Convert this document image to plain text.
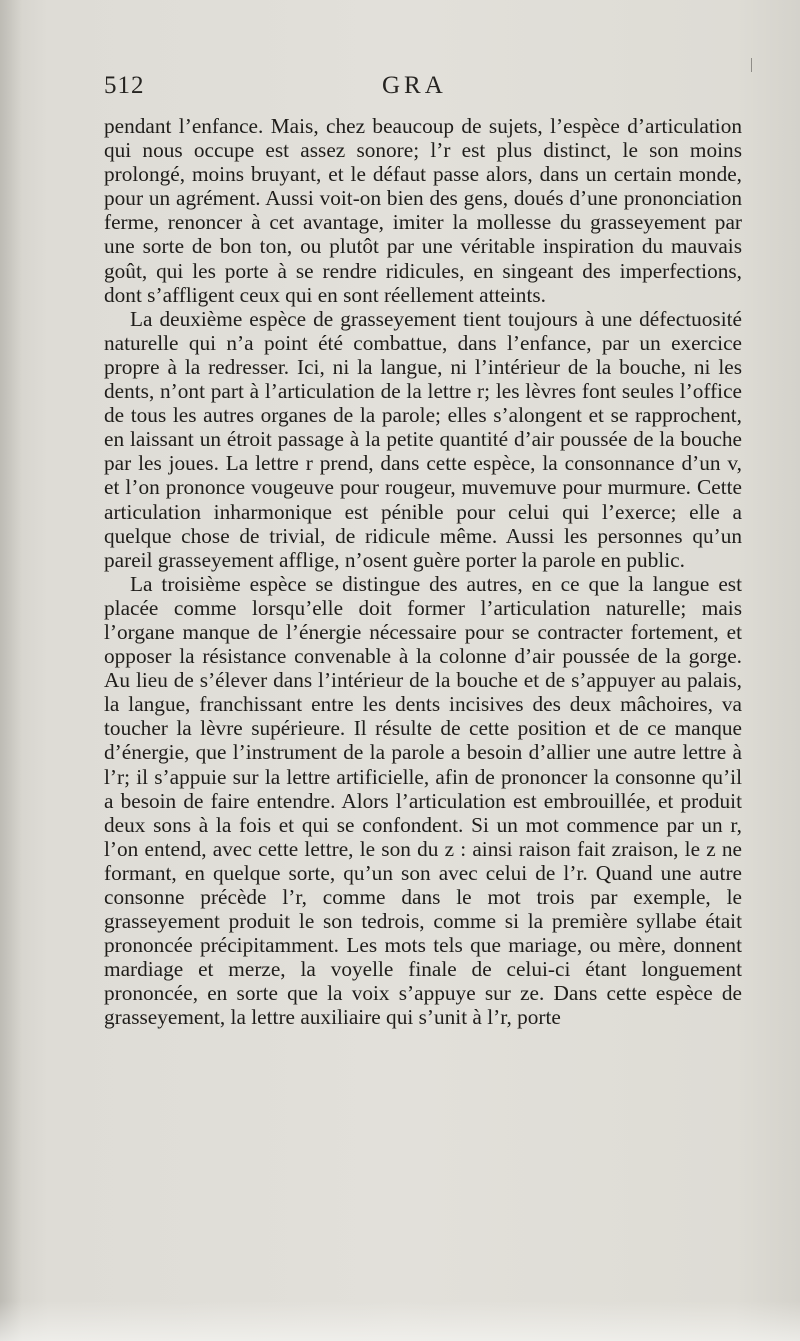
512	GRA

pendant l’enfance. Mais, chez beaucoup de sujets, l’espèce d’articulation qui nous occupe est assez sonore; l’r est plus distinct, le son moins prolongé, moins bruyant, et le défaut passe alors, dans un certain monde, pour un agrément. Aussi voit-on bien des gens, doués d’une prononciation ferme, renoncer à cet avantage, imiter la mollesse du grasseyement par une sorte de bon ton, ou plutôt par une véritable inspiration du mauvais goût, qui les porte à se rendre ridicules, en singeant des imperfections, dont s’affligent ceux qui en sont réellement atteints.

La deuxième espèce de grasseyement tient toujours à une défectuosité naturelle qui n’a point été combattue, dans l’enfance, par un exercice propre à la redresser. Ici, ni la langue, ni l’intérieur de la bouche, ni les dents, n’ont part à l’articulation de la lettre r; les lèvres font seules l’office de tous les autres organes de la parole; elles s’alongent et se rapprochent, en laissant un étroit passage à la petite quantité d’air poussée de la bouche par les joues. La lettre r prend, dans cette espèce, la consonnance d’un v, et l’on prononce vougeuve pour rougeur, muvemuve pour murmure. Cette articulation inharmonique est pénible pour celui qui l’exerce; elle a quelque chose de trivial, de ridicule même. Aussi les personnes qu’un pareil grasseyement afflige, n’osent guère porter la parole en public.

La troisième espèce se distingue des autres, en ce que la langue est placée comme lorsqu’elle doit former l’articulation naturelle; mais l’organe manque de l’énergie nécessaire pour se contracter fortement, et opposer la résistance convenable à la colonne d’air poussée de la gorge. Au lieu de s’élever dans l’intérieur de la bouche et de s’appuyer au palais, la langue, franchissant entre les dents incisives des deux mâchoires, va toucher la lèvre supérieure. Il résulte de cette position et de ce manque d’énergie, que l’instrument de la parole a besoin d’allier une autre lettre à l’r; il s’appuie sur la lettre artificielle, afin de prononcer la consonne qu’il a besoin de faire entendre. Alors l’articulation est embrouillée, et produit deux sons à la fois et qui se confondent. Si un mot commence par un r, l’on entend, avec cette lettre, le son du z : ainsi raison fait zraison, le z ne formant, en quelque sorte, qu’un son avec celui de l’r. Quand une autre consonne précède l’r, comme dans le mot trois par exemple, le grasseyement produit le son tedrois, comme si la première syllabe était prononcée précipitamment. Les mots tels que mariage, ou mère, donnent mardiage et merze, la voyelle finale de celui-ci étant longuement prononcée, en sorte que la voix s’appuye sur ze. Dans cette espèce de grasseyement, la lettre auxiliaire qui s’unit à l’r, porte
